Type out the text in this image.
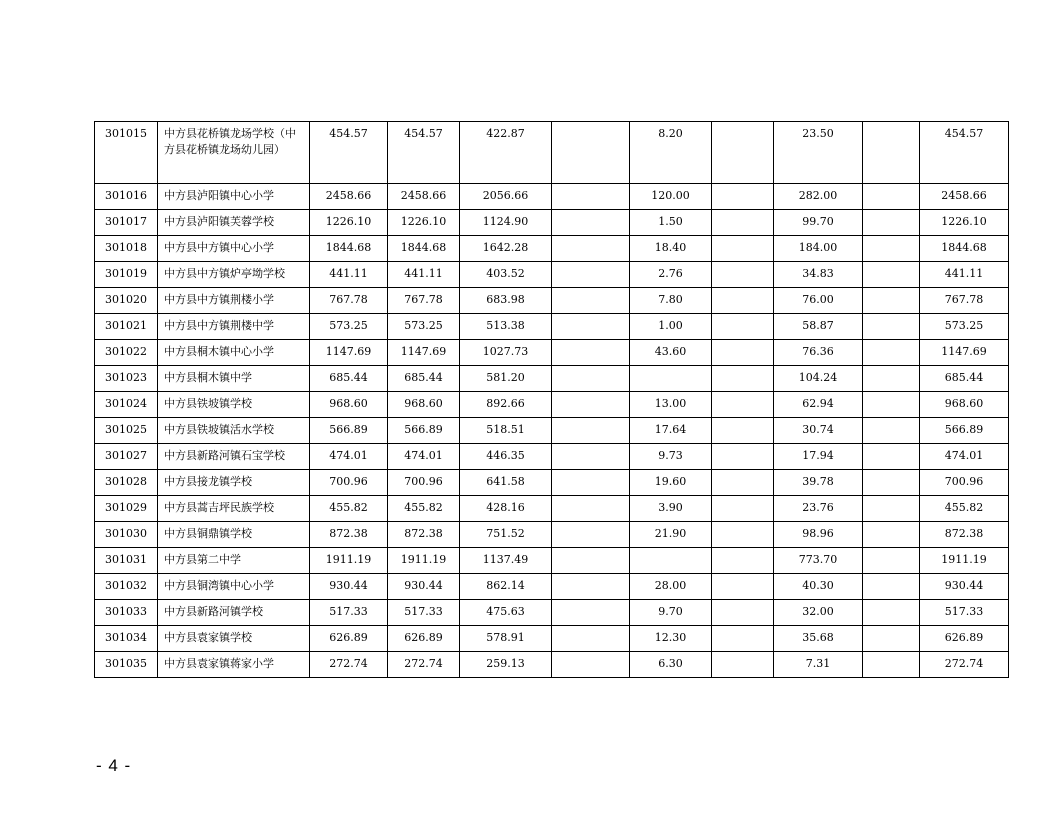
301015	中方县花桥镇龙场学校（中方县花桥镇龙场幼儿园）	454.57	454.57	422.87		8.20		23.50		454.57
301016	中方县泸阳镇中心小学	2458.66	2458.66	2056.66		120.00		282.00		2458.66
301017	中方县泸阳镇芙蓉学校	1226.10	1226.10	1124.90		1.50		99.70		1226.10
301018	中方县中方镇中心小学	1844.68	1844.68	1642.28		18.40		184.00		1844.68
301019	中方县中方镇炉亭坳学校	441.11	441.11	403.52		2.76		34.83		441.11
301020	中方县中方镇荆楼小学	767.78	767.78	683.98		7.80		76.00		767.78
301021	中方县中方镇荆楼中学	573.25	573.25	513.38		1.00		58.87		573.25
301022	中方县桐木镇中心小学	1147.69	1147.69	1027.73		43.60		76.36		1147.69
301023	中方县桐木镇中学	685.44	685.44	581.20				104.24		685.44
301024	中方县铁坡镇学校	968.60	968.60	892.66		13.00		62.94		968.60
301025	中方县铁坡镇活水学校	566.89	566.89	518.51		17.64		30.74		566.89
301027	中方县新路河镇石宝学校	474.01	474.01	446.35		9.73		17.94		474.01
301028	中方县接龙镇学校	700.96	700.96	641.58		19.60		39.78		700.96
301029	中方县蒿吉坪民族学校	455.82	455.82	428.16		3.90		23.76		455.82
301030	中方县铜鼎镇学校	872.38	872.38	751.52		21.90		98.96		872.38
301031	中方县第二中学	1911.19	1911.19	1137.49				773.70		1911.19
301032	中方县铜湾镇中心小学	930.44	930.44	862.14		28.00		40.30		930.44
301033	中方县新路河镇学校	517.33	517.33	475.63		9.70		32.00		517.33
301034	中方县袁家镇学校	626.89	626.89	578.91		12.30		35.68		626.89
301035	中方县袁家镇蒋家小学	272.74	272.74	259.13		6.30		7.31		272.74
- 4 -
